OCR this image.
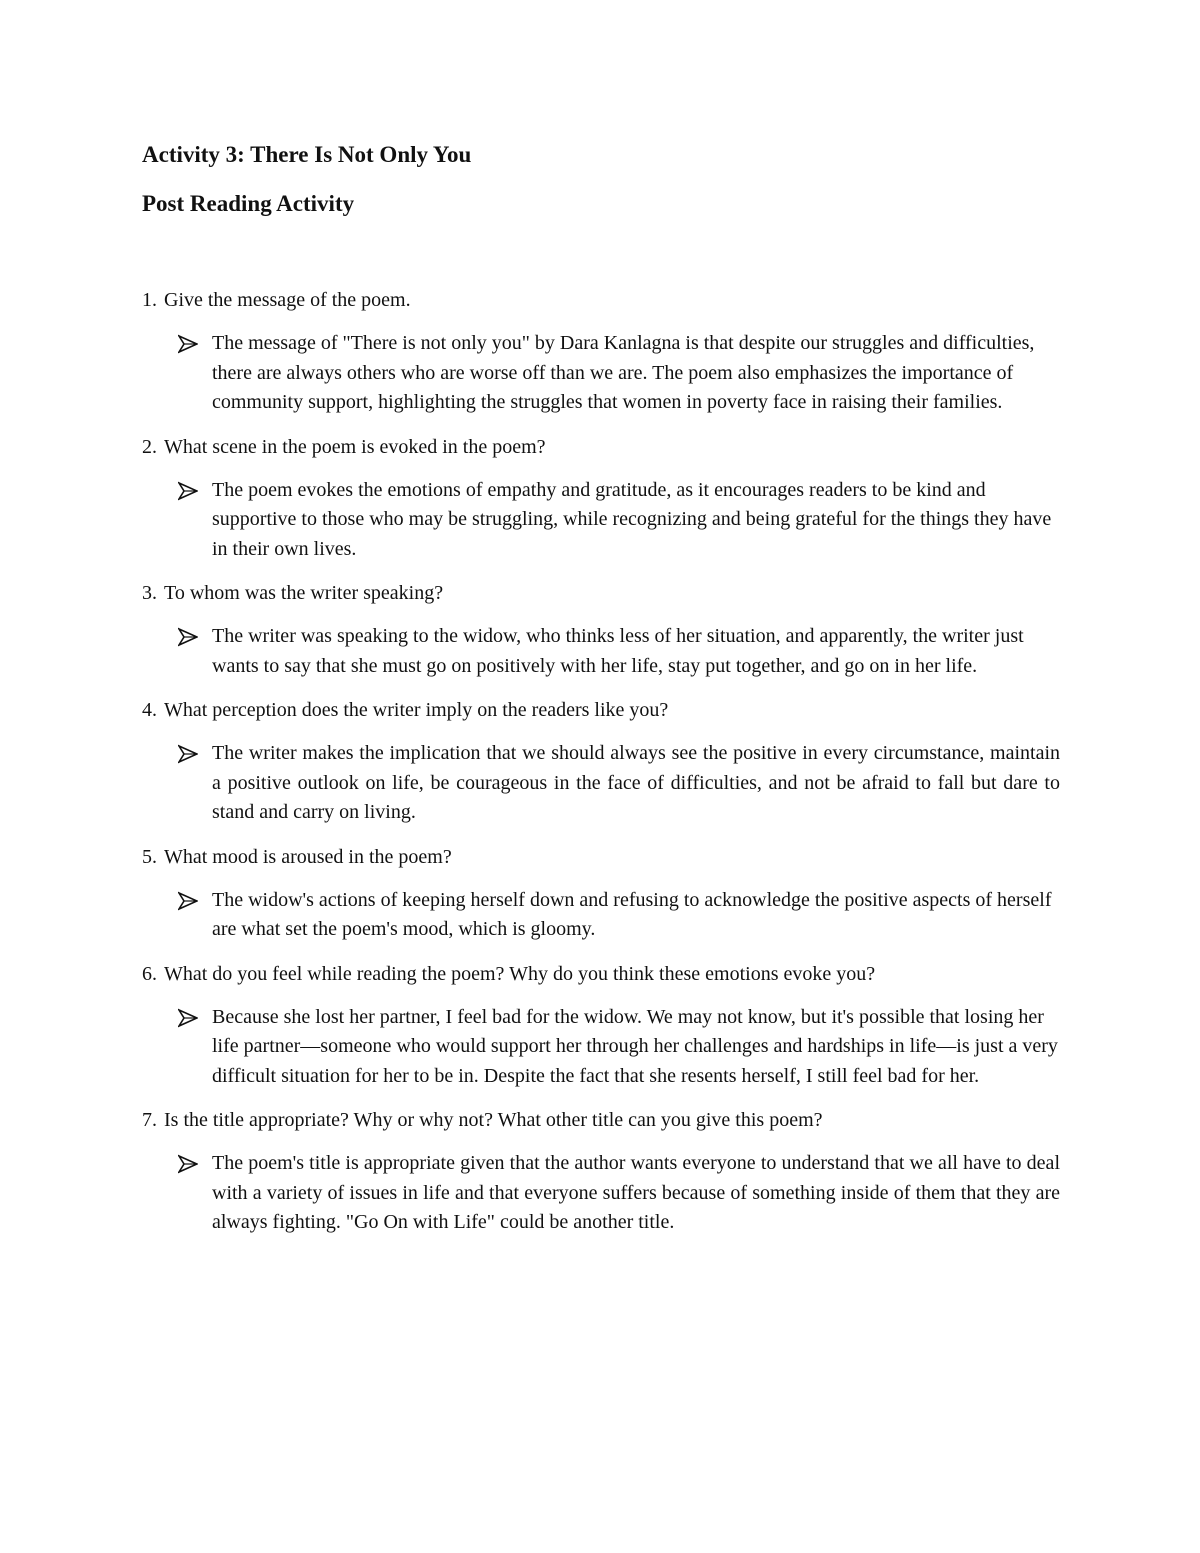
Activity 3: There Is Not Only You
Post Reading Activity
1. Give the message of the poem.
The message of "There is not only you" by Dara Kanlagna is that despite our struggles and difficulties, there are always others who are worse off than we are. The poem also emphasizes the importance of community support, highlighting the struggles that women in poverty face in raising their families.
2. What scene in the poem is evoked in the poem?
The poem evokes the emotions of empathy and gratitude, as it encourages readers to be kind and supportive to those who may be struggling, while recognizing and being grateful for the things they have in their own lives.
3. To whom was the writer speaking?
The writer was speaking to the widow, who thinks less of her situation, and apparently, the writer just wants to say that she must go on positively with her life, stay put together, and go on in her life.
4. What perception does the writer imply on the readers like you?
The writer makes the implication that we should always see the positive in every circumstance, maintain a positive outlook on life, be courageous in the face of difficulties, and not be afraid to fall but dare to stand and carry on living.
5. What mood is aroused in the poem?
The widow's actions of keeping herself down and refusing to acknowledge the positive aspects of herself are what set the poem's mood, which is gloomy.
6. What do you feel while reading the poem? Why do you think these emotions evoke you?
Because she lost her partner, I feel bad for the widow. We may not know, but it's possible that losing her life partner—someone who would support her through her challenges and hardships in life—is just a very difficult situation for her to be in. Despite the fact that she resents herself, I still feel bad for her.
7. Is the title appropriate? Why or why not? What other title can you give this poem?
The poem's title is appropriate given that the author wants everyone to understand that we all have to deal with a variety of issues in life and that everyone suffers because of something inside of them that they are always fighting. "Go On with Life" could be another title.
